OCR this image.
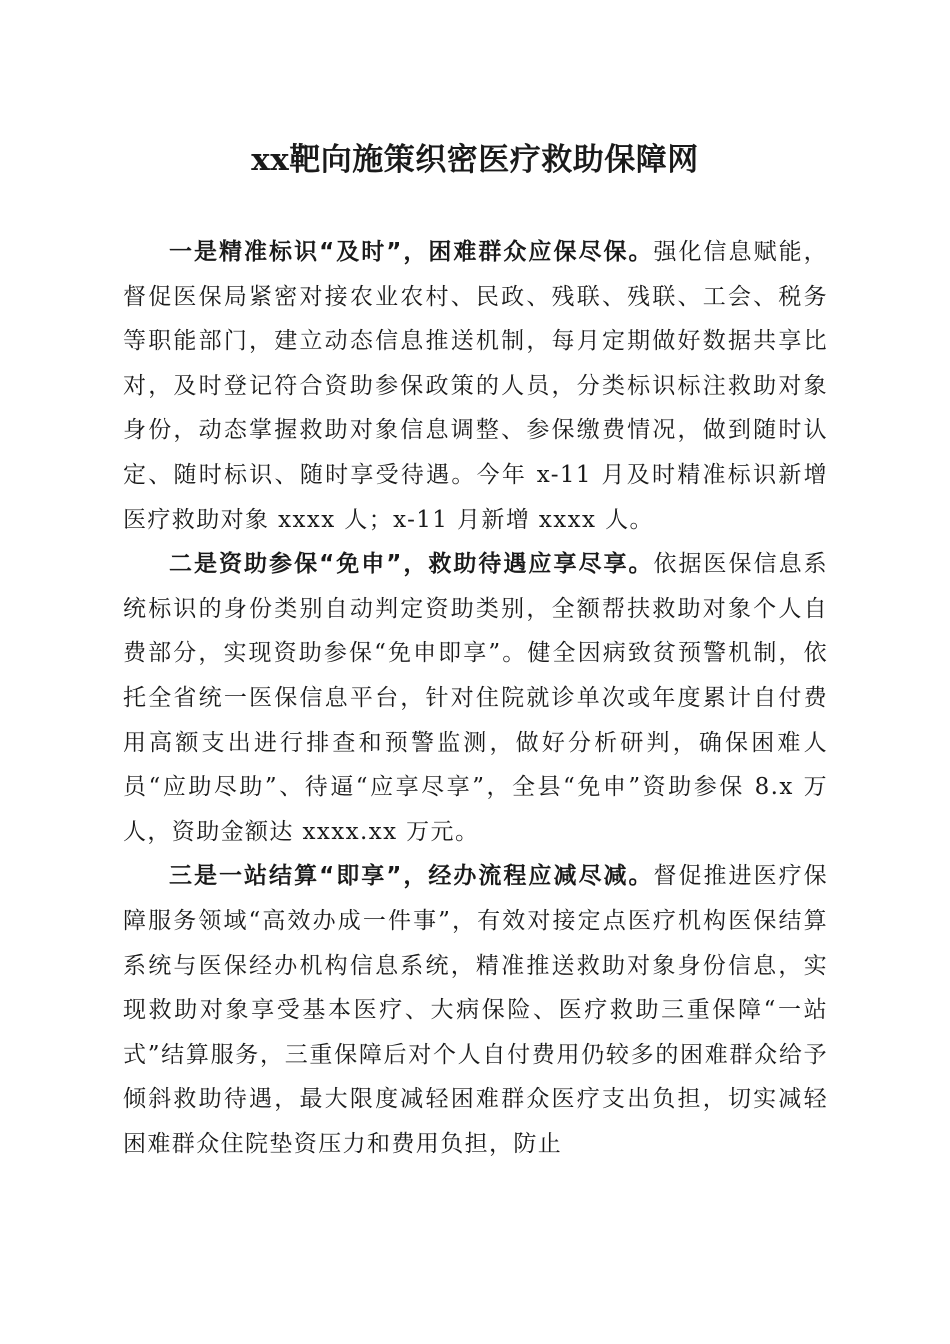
xx靶向施策织密医疗救助保障网

一是精准标识“及时”，困难群众应保尽保。强化信息赋能，督促医保局紧密对接农业农村、民政、残联、残联、工会、税务等职能部门，建立动态信息推送机制，每月定期做好数据共享比对，及时登记符合资助参保政策的人员，分类标识标注救助对象身份，动态掌握救助对象信息调整、参保缴费情况，做到随时认定、随时标识、随时享受待遇。今年 x-11 月及时精准标识新增医疗救助对象 xxxx 人；x-11 月新增 xxxx 人。

二是资助参保“免申”，救助待遇应享尽享。依据医保信息系统标识的身份类别自动判定资助类别，全额帮扶救助对象个人自费部分，实现资助参保“免申即享”。健全因病致贫预警机制，依托全省统一医保信息平台，针对住院就诊单次或年度累计自付费用高额支出进行排查和预警监测，做好分析研判，确保困难人员“应助尽助”、待逼“应享尽享”，全县“免申”资助参保 8.x 万人，资助金额达 xxxx.xx 万元。

三是一站结算“即享”，经办流程应减尽减。督促推进医疗保障服务领域“高效办成一件事”，有效对接定点医疗机构医保结算系统与医保经办机构信息系统，精准推送救助对象身份信息，实现救助对象享受基本医疗、大病保险、医疗救助三重保障“一站式”结算服务，三重保障后对个人自付费用仍较多的困难群众给予倾斜救助待遇，最大限度减轻困难群众医疗支出负担，切实减轻困难群众住院垫资压力和费用负担，防止
